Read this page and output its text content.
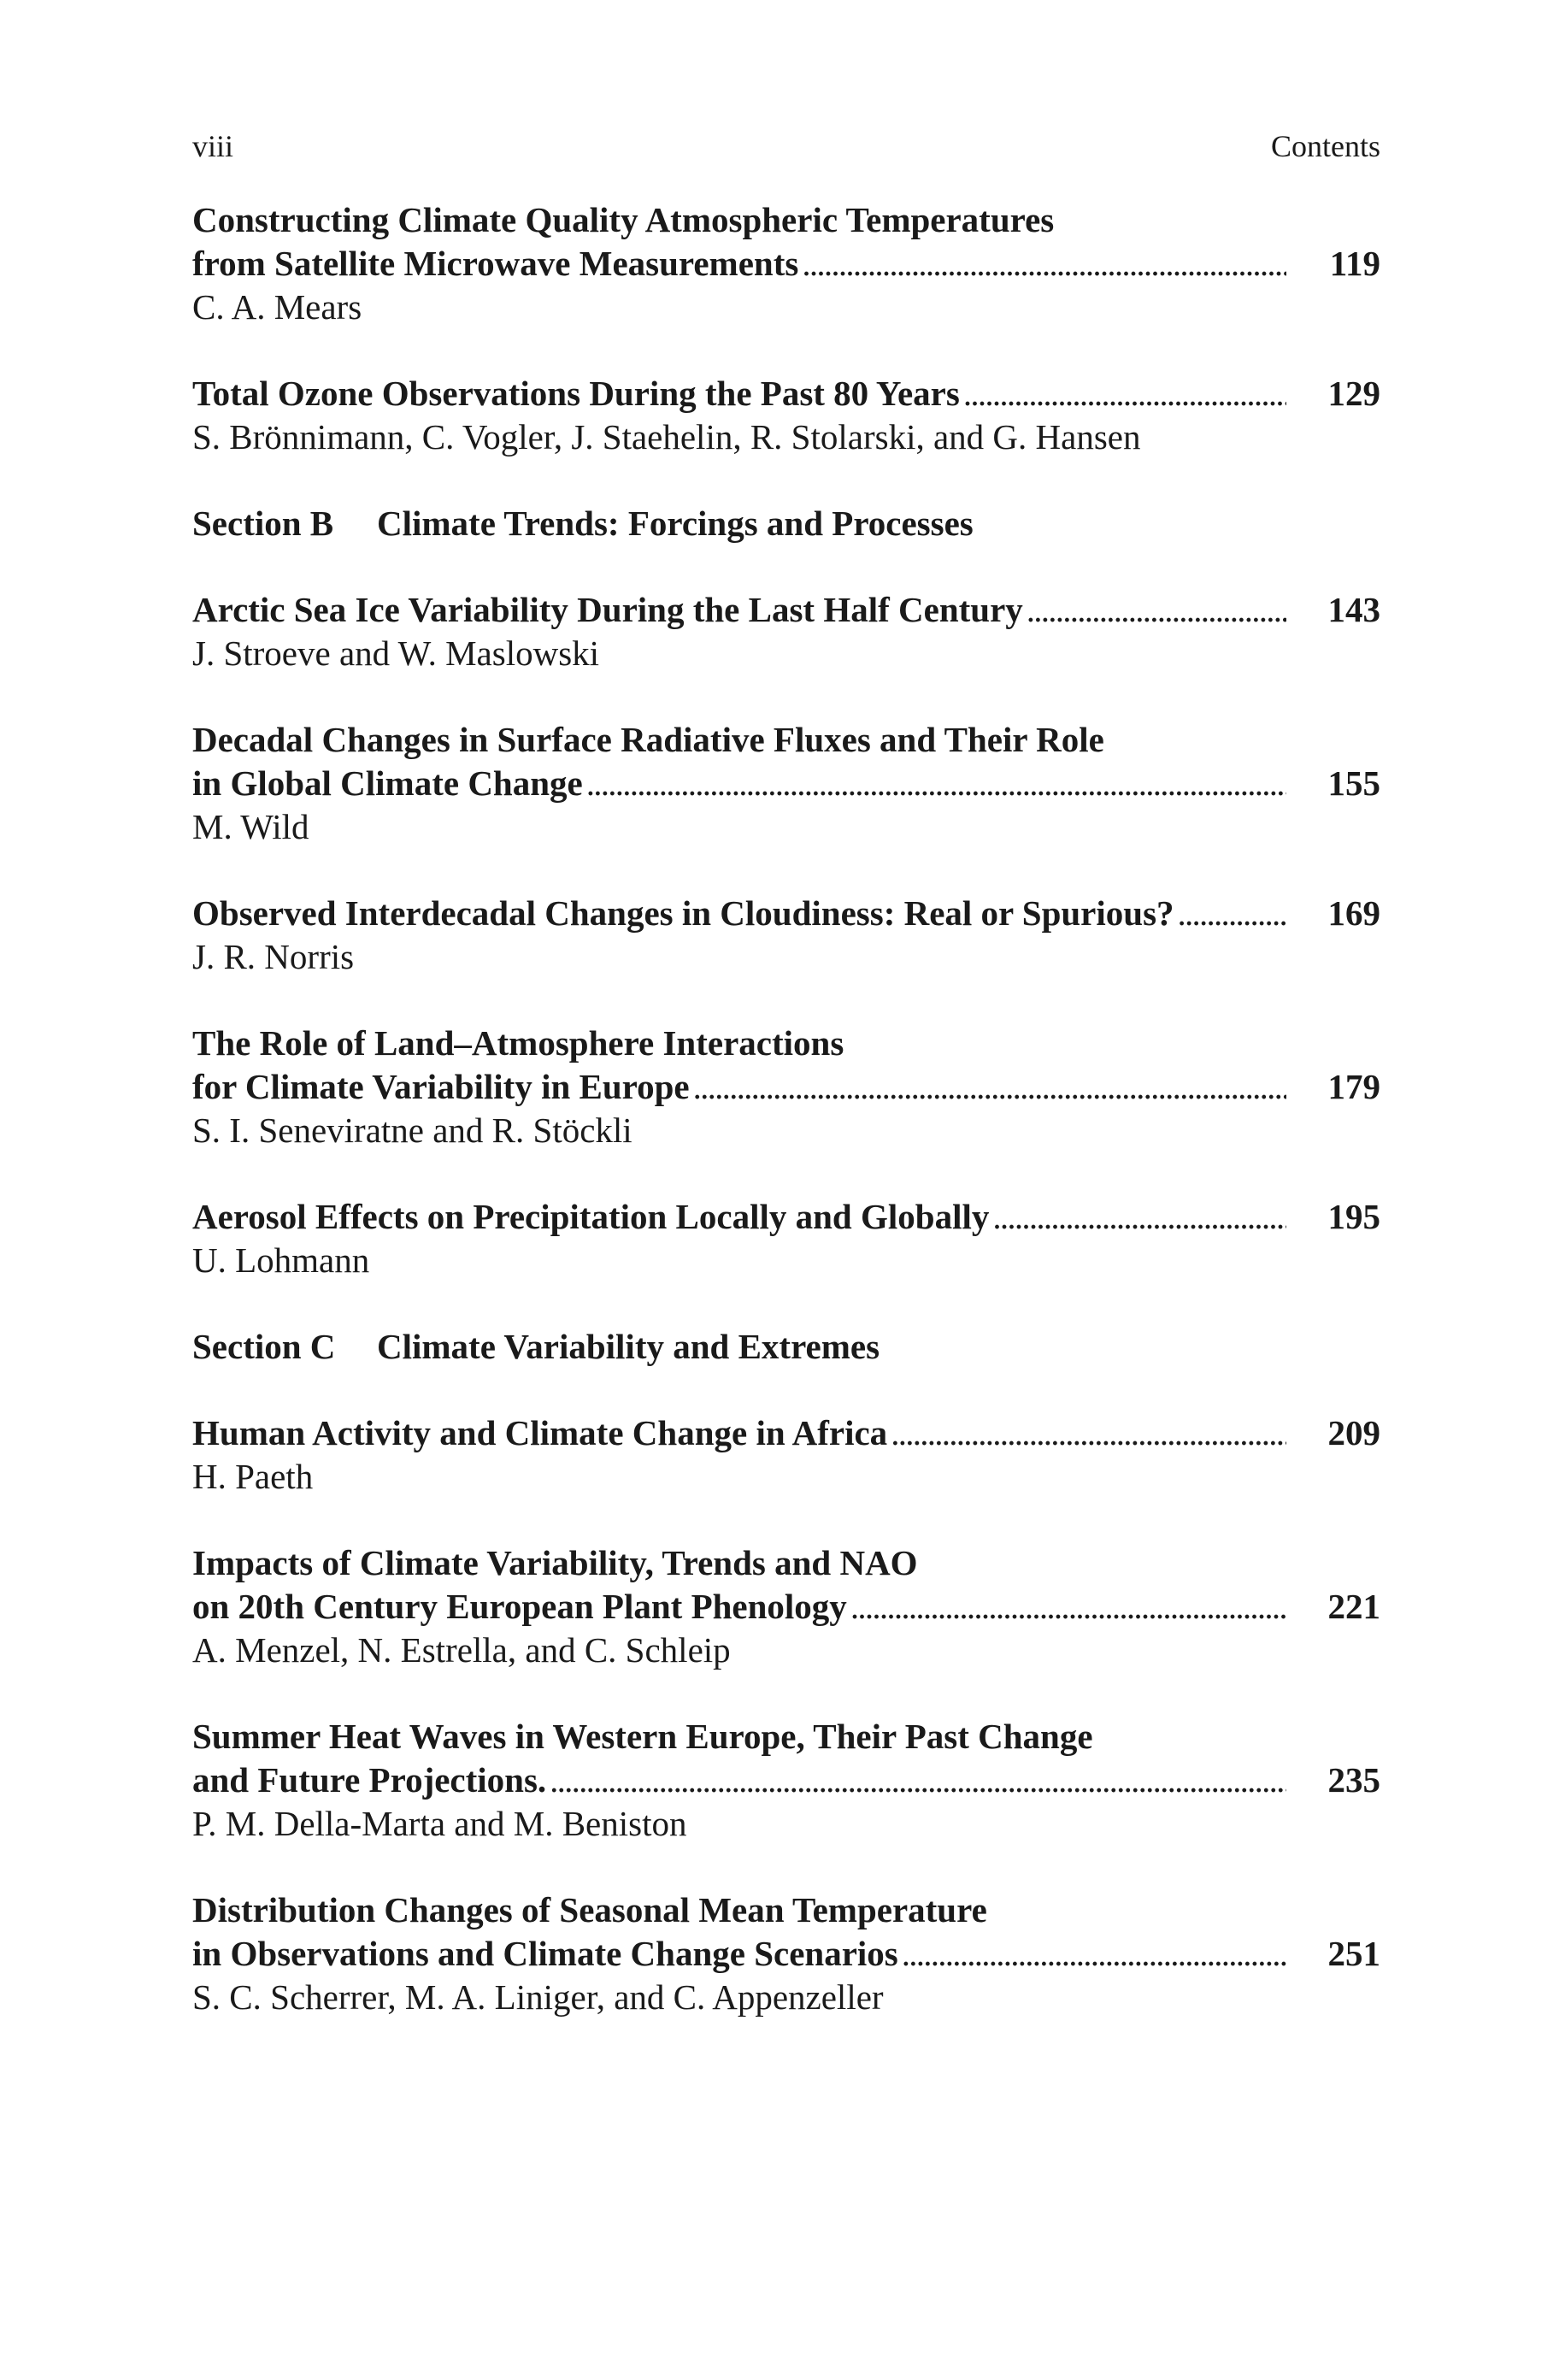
viii	Contents
Constructing Climate Quality Atmospheric Temperatures
from Satellite Microwave Measurements . . .	119
C. A. Mears
Total Ozone Observations During the Past 80 Years . . .	129
S. Brönnimann, C. Vogler, J. Staehelin, R. Stolarski, and G. Hansen
Section B	Climate Trends: Forcings and Processes
Arctic Sea Ice Variability During the Last Half Century . . .	143
J. Stroeve and W. Maslowski
Decadal Changes in Surface Radiative Fluxes and Their Role
in Global Climate Change . . .	155
M. Wild
Observed Interdecadal Changes in Cloudiness: Real or Spurious? . . .	169
J. R. Norris
The Role of Land–Atmosphere Interactions
for Climate Variability in Europe . . .	179
S. I. Seneviratne and R. Stöckli
Aerosol Effects on Precipitation Locally and Globally . . .	195
U. Lohmann
Section C	Climate Variability and Extremes
Human Activity and Climate Change in Africa . . .	209
H. Paeth
Impacts of Climate Variability, Trends and NAO
on 20th Century European Plant Phenology . . .	221
A. Menzel, N. Estrella, and C. Schleip
Summer Heat Waves in Western Europe, Their Past Change
and Future Projections. . . .	235
P. M. Della-Marta and M. Beniston
Distribution Changes of Seasonal Mean Temperature
in Observations and Climate Change Scenarios . . .	251
S. C. Scherrer, M. A. Liniger, and C. Appenzeller
